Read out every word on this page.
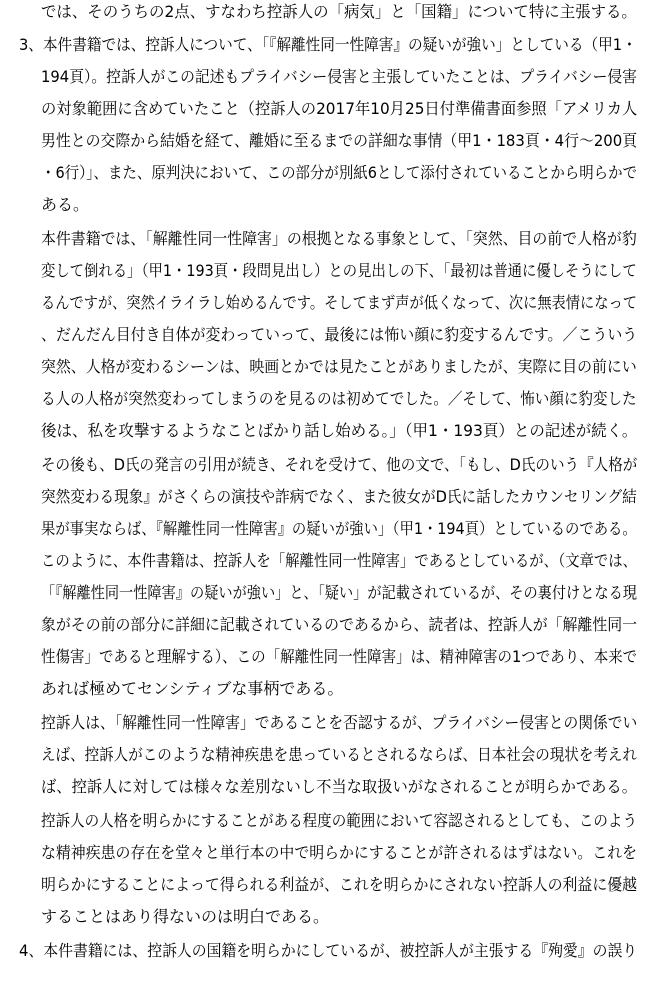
では、そのうちの2点、すなわち控訴人の「病気」と「国籍」について特に主張する。
3、本件書籍では、控訴人について、「『解離性同一性障害』の疑いが強い」としている（甲1・
194頁）。控訴人がこの記述もプライバシー侵害と主張していたことは、プライバシー侵害
の対象範囲に含めていたこと（控訴人の2017年10月25日付準備書面参照「アメリカ人
男性との交際から結婚を経て、離婚に至るまでの詳細な事情（甲1・183頁・4行〜200頁
・6行）」、また、原判決において、この部分が別紙6として添付されていることから明らかで
ある。
本件書籍では、「解離性同一性障害」の根拠となる事象として、「突然、目の前で人格が豹
変して倒れる」（甲1・193頁・段問見出し）との見出しの下、「最初は普通に優しそうにして
るんですが、突然イライラし始めるんです。そしてまず声が低くなって、次に無表情になって
、だんだん目付き自体が変わっていって、最後には怖い顔に豹変するんです。／こういう
突然、人格が変わるシーンは、映画とかでは見たことがありましたが、実際に目の前にい
る人の人格が突然変わってしまうのを見るのは初めてでした。／そして、怖い顔に豹変した
後は、私を攻撃するようなことばかり話し始める。」（甲1・193頁）との記述が続く。
その後も、D氏の発言の引用が続き、それを受けて、他の文で、「もし、D氏のいう『人格が
突然変わる現象』がさくらの演技や詐病でなく、また彼女がD氏に話したカウンセリング結
果が事実ならば、『解離性同一性障害』の疑いが強い」（甲1・194頁）としているのである。
このように、本件書籍は、控訴人を「解離性同一性障害」であるとしているが、（文章では、
「『解離性同一性障害』の疑いが強い」と、「疑い」が記載されているが、その裏付けとなる現
象がその前の部分に詳細に記載されているのであるから、読者は、控訴人が「解離性同一
性傷害」であると理解する）、この「解離性同一性障害」は、精神障害の1つであり、本来で
あれば極めてセンシティブな事柄である。
控訴人は、「解離性同一性障害」であることを否認するが、プライバシー侵害との関係でい
えば、控訴人がこのような精神疾患を患っているとされるならば、日本社会の現状を考えれ
ば、控訴人に対しては様々な差別ないし不当な取扱いがなされることが明らかである。
控訴人の人格を明らかにすることがある程度の範囲において容認されるとしても、このよう
な精神疾患の存在を堂々と単行本の中で明らかにすることが許されるはずはない。これを
明らかにすることによって得られる利益が、これを明らかにされない控訴人の利益に優越
することはあり得ないのは明白である。
4、本件書籍には、控訴人の国籍を明らかにしているが、被控訴人が主張する『殉愛』の誤り
